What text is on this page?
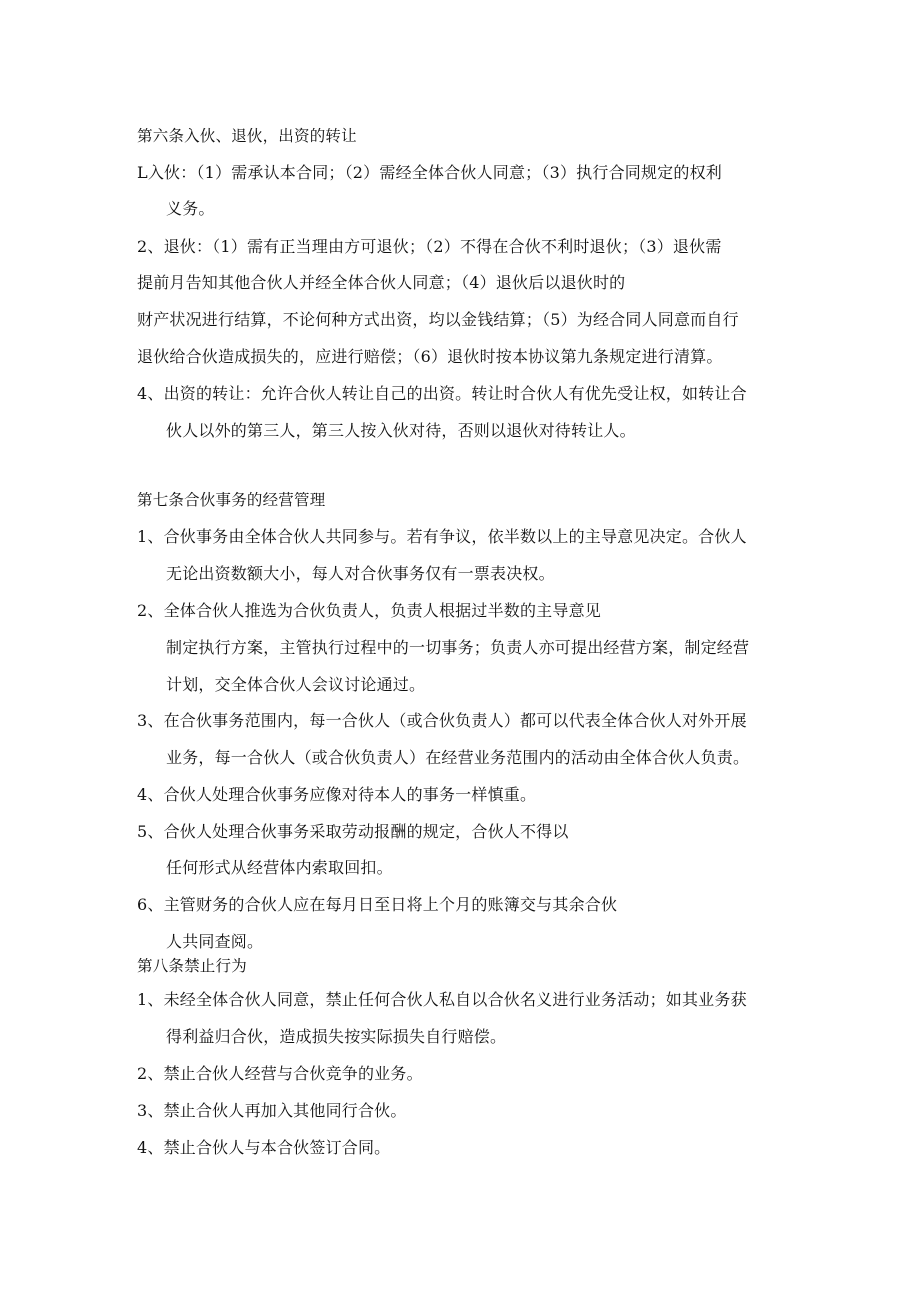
第六条入伙、退伙，出资的转让
L入伙：（1）需承认本合同；（2）需经全体合伙人同意；（3）执行合同规定的权利
义务。
2、退伙：（1）需有正当理由方可退伙；（2）不得在合伙不利时退伙；（3）退伙需
提前月告知其他合伙人并经全体合伙人同意；（4）退伙后以退伙时的
财产状况进行结算，不论何种方式出资，均以金钱结算；（5）为经合同人同意而自行
退伙给合伙造成损失的，应进行赔偿；（6）退伙时按本协议第九条规定进行清算。
4、出资的转让：允许合伙人转让自己的出资。转让时合伙人有优先受让权，如转让合
伙人以外的第三人，第三人按入伙对待，否则以退伙对待转让人。
第七条合伙事务的经营管理
1、合伙事务由全体合伙人共同参与。若有争议，依半数以上的主导意见决定。合伙人
无论出资数额大小，每人对合伙事务仅有一票表决权。
2、全体合伙人推选为合伙负责人，负责人根据过半数的主导意见
制定执行方案，主管执行过程中的一切事务；负责人亦可提出经营方案，制定经营
计划，交全体合伙人会议讨论通过。
3、在合伙事务范围内，每一合伙人（或合伙负责人）都可以代表全体合伙人对外开展
业务，每一合伙人（或合伙负责人）在经营业务范围内的活动由全体合伙人负责。
4、合伙人处理合伙事务应像对待本人的事务一样慎重。
5、合伙人处理合伙事务采取劳动报酬的规定，合伙人不得以
任何形式从经营体内索取回扣。
6、主管财务的合伙人应在每月日至日将上个月的账簿交与其余合伙
人共同查阅。
第八条禁止行为
1、未经全体合伙人同意，禁止任何合伙人私自以合伙名义进行业务活动；如其业务获
得利益归合伙，造成损失按实际损失自行赔偿。
2、禁止合伙人经营与合伙竞争的业务。
3、禁止合伙人再加入其他同行合伙。
4、禁止合伙人与本合伙签订合同。
